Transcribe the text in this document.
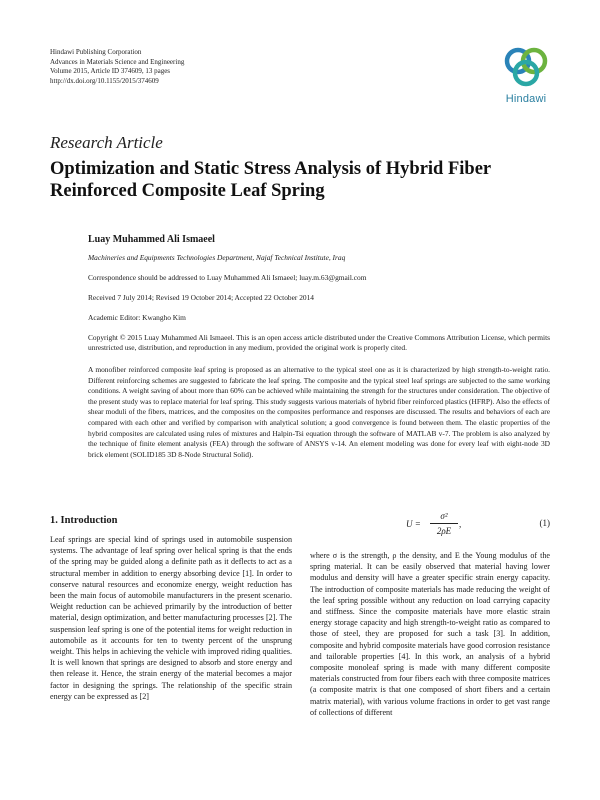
Hindawi Publishing Corporation
Advances in Materials Science and Engineering
Volume 2015, Article ID 374609, 13 pages
http://dx.doi.org/10.1155/2015/374609
Hindawi
Research Article
Optimization and Static Stress Analysis of Hybrid Fiber
Reinforced Composite Leaf Spring
Luay Muhammed Ali Ismaeel
Machineries and Equipments Technologies Department, Najaf Technical Institute, Iraq
Correspondence should be addressed to Luay Muhammed Ali Ismaeel; luay.m.63@gmail.com
Received 7 July 2014; Revised 19 October 2014; Accepted 22 October 2014
Academic Editor: Kwangho Kim
Copyright © 2015 Luay Muhammed Ali Ismaeel. This is an open access article distributed under the Creative Commons Attribution License, which permits unrestricted use, distribution, and reproduction in any medium, provided the original work is properly cited.
A monofiber reinforced composite leaf spring is proposed as an alternative to the typical steel one as it is characterized by high strength-to-weight ratio. Different reinforcing schemes are suggested to fabricate the leaf spring. The composite and the typical steel leaf springs are subjected to the same working conditions. A weight saving of about more than 60% can be achieved while maintaining the strength for the structures under consideration. The objective of the present study was to replace material for leaf spring. This study suggests various materials of hybrid fiber reinforced plastics (HFRP). Also the effects of shear moduli of the fibers, matrices, and the composites on the composites performance and responses are discussed. The results and behaviors of each are compared with each other and verified by comparison with analytical solution; a good convergence is found between them. The elastic properties of the hybrid composites are calculated using rules of mixtures and Halpin-Tsi equation through the software of MATLAB v-7. The problem is also analyzed by the technique of finite element analysis (FEA) through the software of ANSYS v-14. An element modeling was done for every leaf with eight-node 3D brick element (SOLID185 3D 8-Node Structural Solid).
1. Introduction
Leaf springs are special kind of springs used in automobile suspension systems. The advantage of leaf spring over helical spring is that the ends of the spring may be guided along a definite path as it deflects to act as a structural member in addition to energy absorbing device [1]. In order to conserve natural resources and economize energy, weight reduction has been the main focus of automobile manufacturers in the present scenario. Weight reduction can be achieved primarily by the introduction of better material, design optimization, and better manufacturing processes [2]. The suspension leaf spring is one of the potential items for weight reduction in automobile as it accounts for ten to twenty percent of the unsprung weight. This helps in achieving the vehicle with improved riding qualities. It is well known that springs are designed to absorb and store energy and then release it. Hence, the strain energy of the material becomes a major factor in designing the springs. The relationship of the specific strain energy can be expressed as [2]
U =
σ²
2ρE
,	(1)
where σ is the strength, ρ the density, and E the Young modulus of the spring material. It can be easily observed that material having lower modulus and density will have a greater specific strain energy capacity. The introduction of composite materials has made reducing the weight of the leaf spring possible without any reduction on load carrying capacity and stiffness. Since the composite materials have more elastic strain energy storage capacity and high strength-to-weight ratio as compared to those of steel, they are proposed for such a task [3]. In addition, composite and hybrid composite materials have good corrosion resistance and tailorable properties [4]. In this work, an analysis of a hybrid composite monoleaf spring is made with many different composite materials constructed from four fibers each with three composite matrices (a composite matrix is that one composed of short fibers and a certain matrix material), with various volume fractions in order to get vast range of collections of different
